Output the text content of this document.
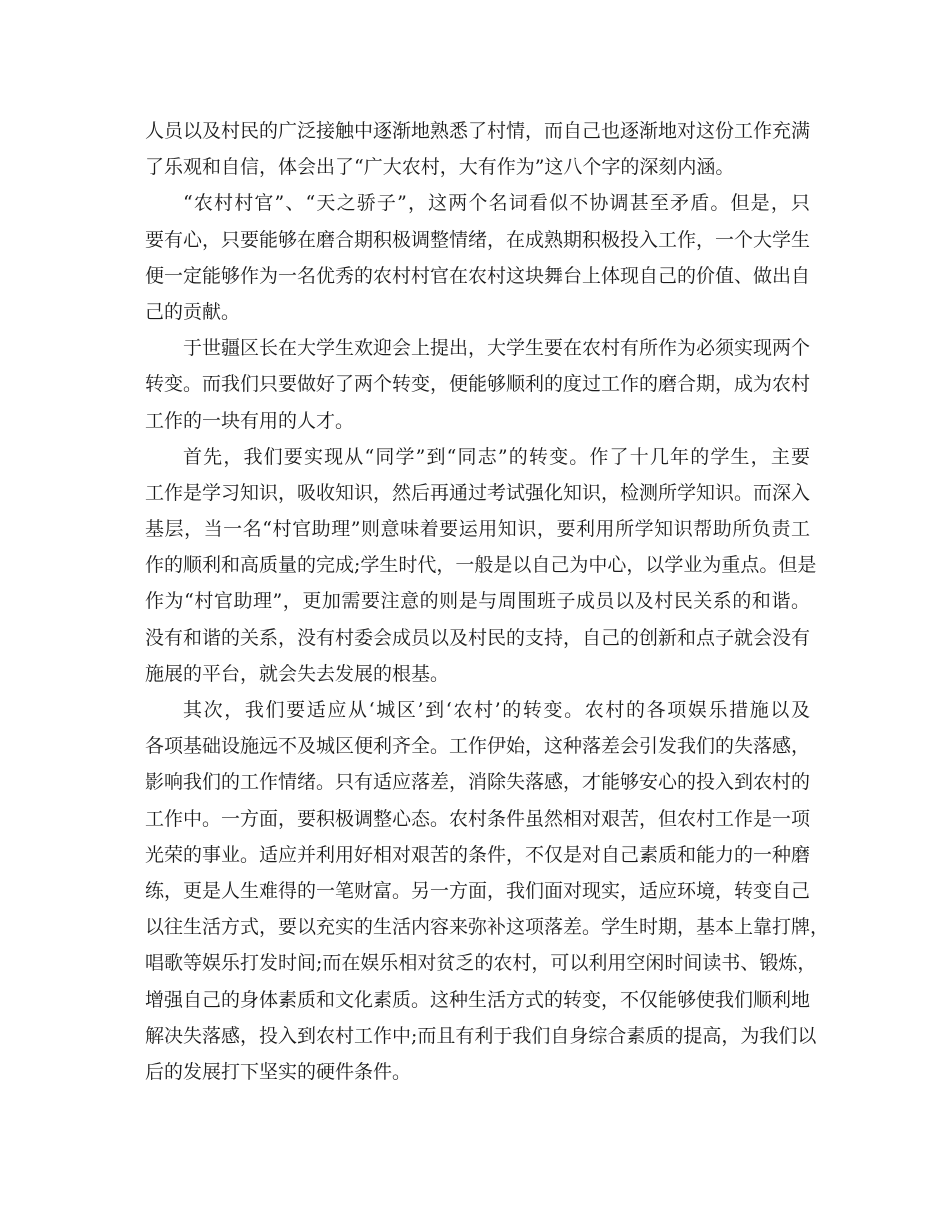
人员以及村民的广泛接触中逐渐地熟悉了村情，而自己也逐渐地对这份工作充满
了乐观和自信，体会出了“广大农村，大有作为”这八个字的深刻内涵。
“农村村官”、“天之骄子”，这两个名词看似不协调甚至矛盾。但是，只
要有心，只要能够在磨合期积极调整情绪，在成熟期积极投入工作，一个大学生
便一定能够作为一名优秀的农村村官在农村这块舞台上体现自己的价值、做出自
己的贡献。
于世疆区长在大学生欢迎会上提出，大学生要在农村有所作为必须实现两个
转变。而我们只要做好了两个转变，便能够顺利的度过工作的磨合期，成为农村
工作的一块有用的人才。
首先，我们要实现从“同学”到“同志”的转变。作了十几年的学生，主要
工作是学习知识，吸收知识，然后再通过考试强化知识，检测所学知识。而深入
基层，当一名“村官助理”则意味着要运用知识，要利用所学知识帮助所负责工
作的顺利和高质量的完成;学生时代，一般是以自己为中心，以学业为重点。但是
作为“村官助理”，更加需要注意的则是与周围班子成员以及村民关系的和谐。
没有和谐的关系，没有村委会成员以及村民的支持，自己的创新和点子就会没有
施展的平台，就会失去发展的根基。
其次，我们要适应从‘城区’到‘农村’的转变。农村的各项娱乐措施以及
各项基础设施远不及城区便利齐全。工作伊始，这种落差会引发我们的失落感，
影响我们的工作情绪。只有适应落差，消除失落感，才能够安心的投入到农村的
工作中。一方面，要积极调整心态。农村条件虽然相对艰苦，但农村工作是一项
光荣的事业。适应并利用好相对艰苦的条件，不仅是对自己素质和能力的一种磨
练，更是人生难得的一笔财富。另一方面，我们面对现实，适应环境，转变自己
以往生活方式，要以充实的生活内容来弥补这项落差。学生时期，基本上靠打牌，
唱歌等娱乐打发时间;而在娱乐相对贫乏的农村，可以利用空闲时间读书、锻炼，
增强自己的身体素质和文化素质。这种生活方式的转变，不仅能够使我们顺利地
解决失落感，投入到农村工作中;而且有利于我们自身综合素质的提高，为我们以
后的发展打下坚实的硬件条件。
